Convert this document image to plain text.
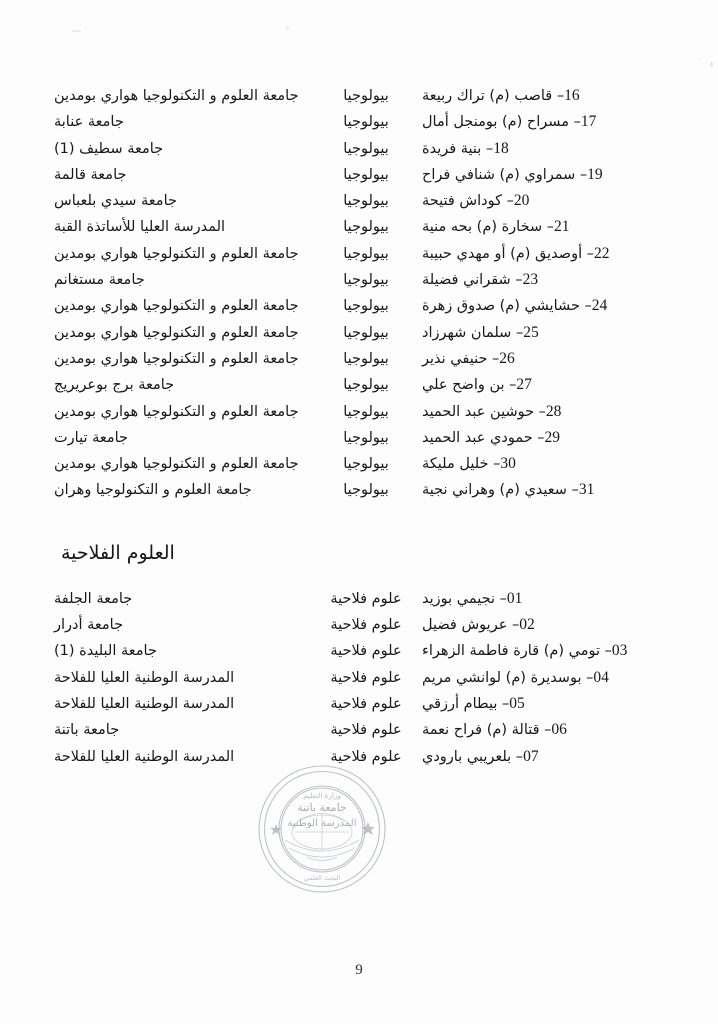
16– قاصب (م) تراك ربيعة	بيولوجيا	جامعة العلوم و التكنولوجيا هواري بومدين
17– مسراح (م) بومنجل أمال	بيولوجيا	جامعة عنابة
18– بنية فريدة	بيولوجيا	جامعة سطيف (1)
19– سمراوي (م) شنافي فراح	بيولوجيا	جامعة قالمة
20– كوداش فتيحة	بيولوجيا	جامعة سيدي بلعباس
21– سخارة (م) بحه منية	بيولوجيا	المدرسة العليا للأساتذة القبة
22– أوصديق (م) أو مهدي حبيبة	بيولوجيا	جامعة العلوم و التكنولوجيا هواري بومدين
23– شقراني فضيلة	بيولوجيا	جامعة مستغانم
24– حشايشي (م) صدوق زهرة	بيولوجيا	جامعة العلوم و التكنولوجيا هواري بومدين
25– سلمان شهرزاد	بيولوجيا	جامعة العلوم و التكنولوجيا هواري بومدين
26– حنيفي نذير	بيولوجيا	جامعة العلوم و التكنولوجيا هواري بومدين
27– بن واضح علي	بيولوجيا	جامعة برج بوعريريج
28– حوشين عبد الحميد	بيولوجيا	جامعة العلوم و التكنولوجيا هواري بومدين
29– حمودي عبد الحميد	بيولوجيا	جامعة تيارت
30– خليل مليكة	بيولوجيا	جامعة العلوم و التكنولوجيا هواري بومدين
31– سعيدي (م) وهراني نجية	بيولوجيا	جامعة العلوم و التكنولوجيا وهران
العلوم الفلاحية
01– نجيمي بوزيد	علوم فلاحية	جامعة الجلفة
02– عريوش فضيل	علوم فلاحية	جامعة أدرار
03– تومي (م) قارة فاطمة الزهراء	علوم فلاحية	جامعة البليدة (1)
04– بوسديرة (م) لوانشي مريم	علوم فلاحية	المدرسة الوطنية العليا للفلاحة
05– بيطام أرزقي	علوم فلاحية	المدرسة الوطنية العليا للفلاحة
06– قتالة (م) فراح نعمة	علوم فلاحية	جامعة باتنة
07– بلعريبي بارودي	علوم فلاحية	المدرسة الوطنية العليا للفلاحة
وزارة التعليم
جامعة باتنة
المدرسة الوطنية
البحث العلمي
9
